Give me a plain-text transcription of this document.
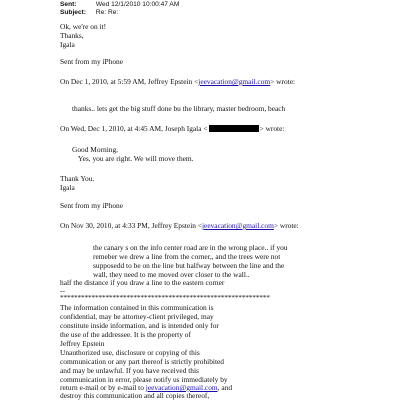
Sent:	Wed 12/1/2010 10:00:47 AM
Subject: Re: Re:
Ok, we're on it!
Thanks,
Igala
Sent from my iPhone
On Dec 1, 2010, at 5:59 AM, Jeffrey Epstein <jeevacation@gmail.com> wrote:
thanks.. lets get the big stuff done bu the library, master bedroom, beach
On Wed, Dec 1, 2010, at 4:45 AM, Joseph Igala <	> wrote:
Good Morning,
Yes, you are right. We will move them.
Thank You.
Igala
Sent from my iPhone
On Nov 30, 2010, at 4:33 PM, Jeffrey Epstein <jeevacation@gmail.com> wrote:
the canary s on the info center road are in the wrong place.. if you
remeber we drew a line from the corner,, and the trees were not
supposedd to be on the line but halfway between the line and the
wall, they need to me moved over closer to the wall..
half the distance if you draw a line to the eastern corner
--
************************************************************
The information contained in this communication is
confidential, may be attorney-client privileged, may
constitute inside information, and is intended only for
the use of the addressee. It is the property of
Jeffrey Epstein
Unauthorized use, disclosure or copying of this
communication or any part thereof is strictly prohibited
and may be unlawful. If you have received this
communication in error, please notify us immediately by
return e-mail or by e-mail to jeevacation@gmail.com, and
destroy this communication and all copies thereof,
